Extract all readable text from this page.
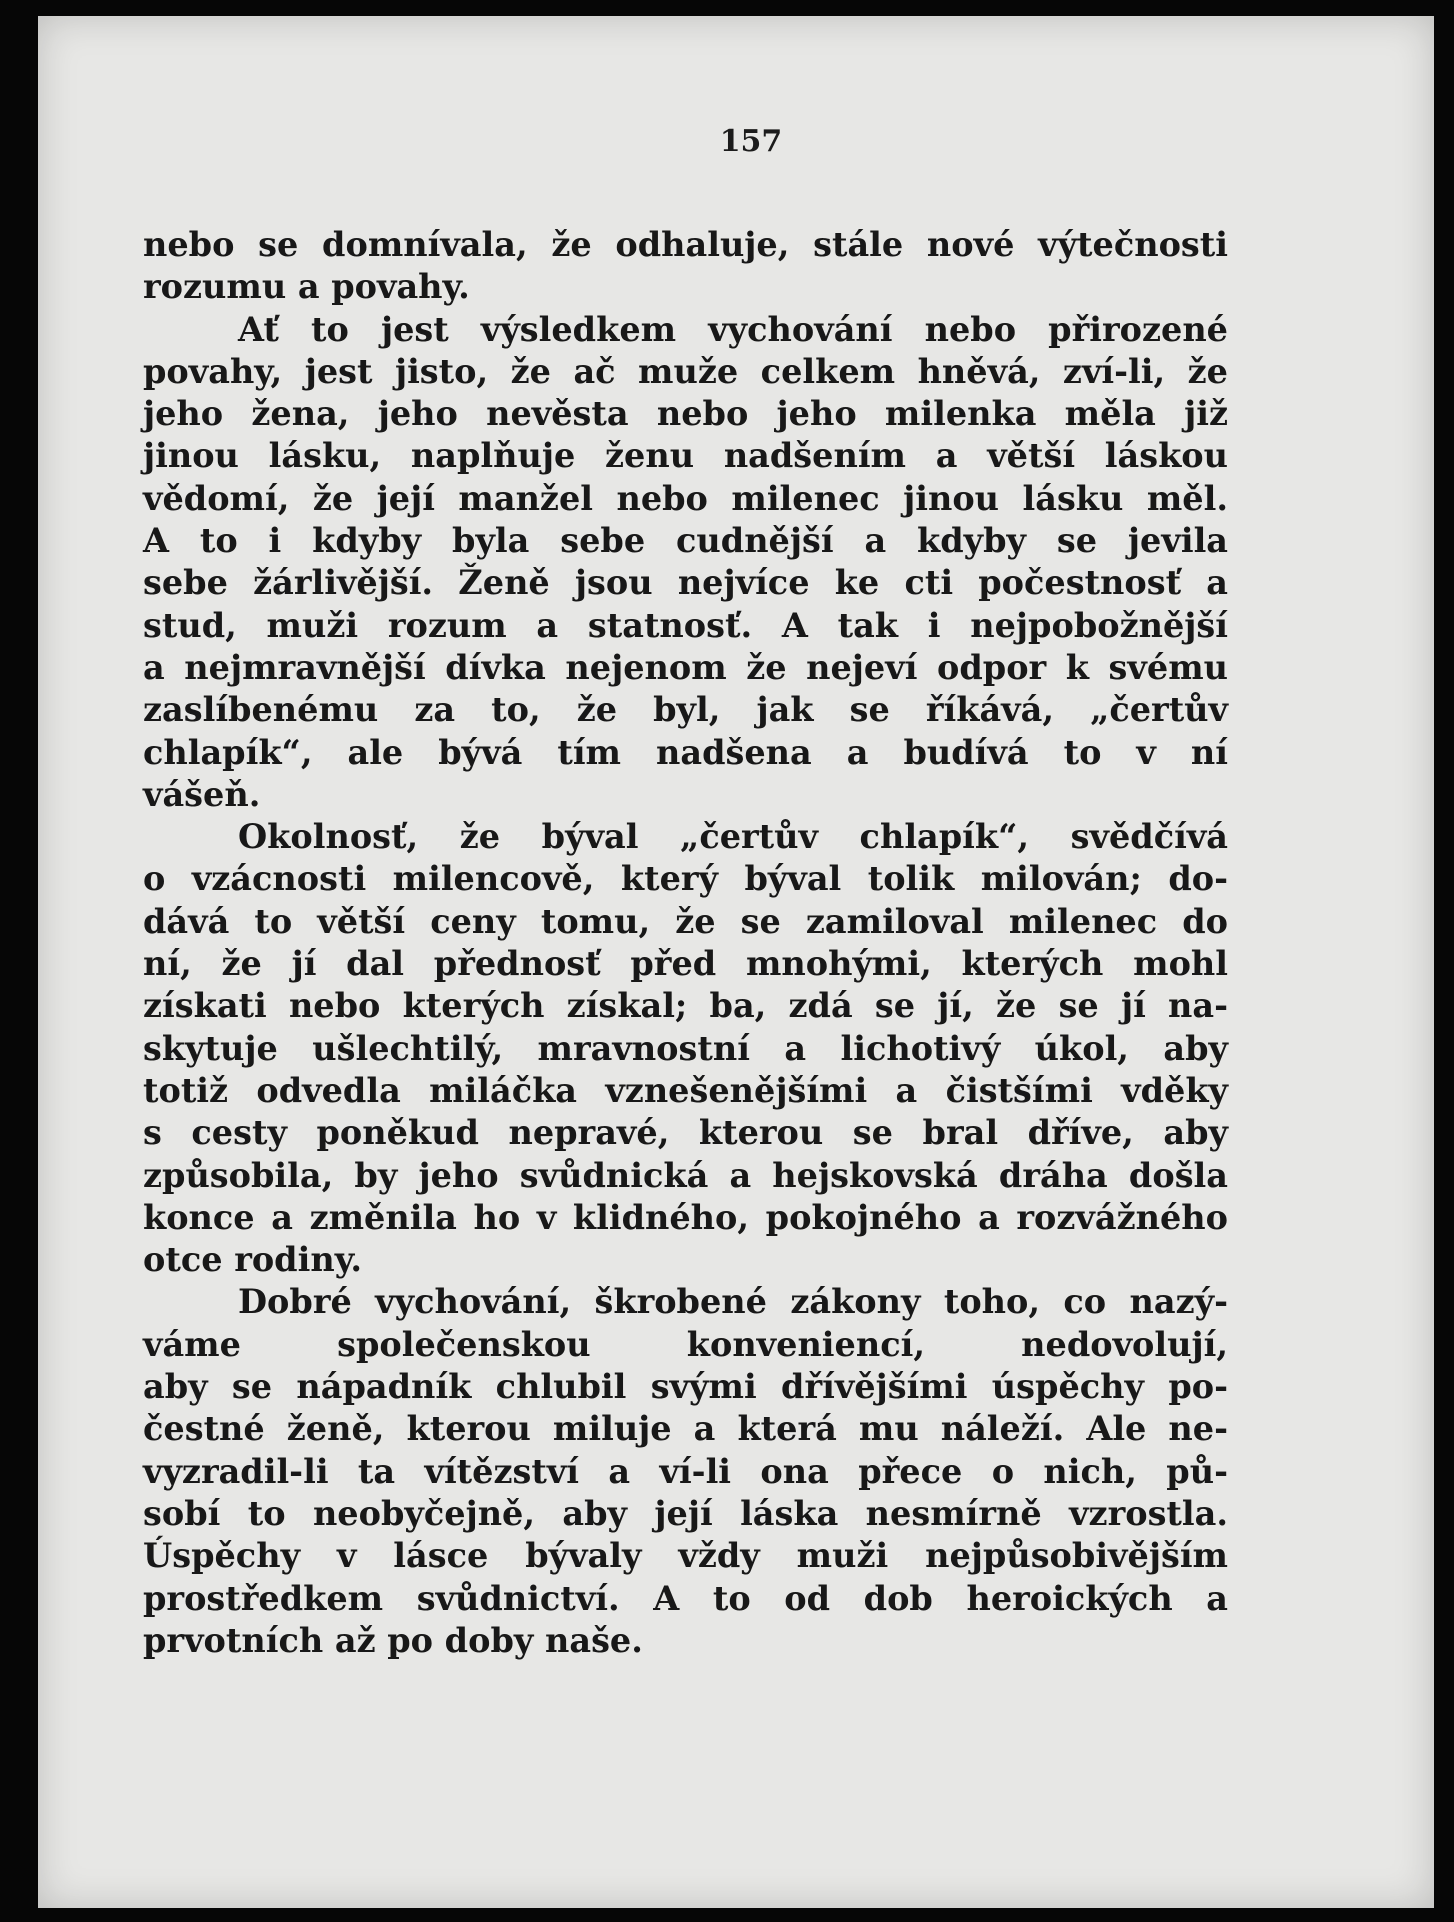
157
nebo se domnívala, že odhaluje, stále nové výtečnosti
rozumu a povahy.
Ať to jest výsledkem vychování nebo přirozené
povahy, jest jisto, že ač muže celkem hněvá, zví-li, že
jeho žena, jeho nevěsta nebo jeho milenka měla již
jinou lásku, naplňuje ženu nadšením a větší láskou
vědomí, že její manžel nebo milenec jinou lásku měl.
A to i kdyby byla sebe cudnější a kdyby se jevila
sebe žárlivější. Ženě jsou nejvíce ke cti počestnosť a
stud, muži rozum a statnosť. A tak i nejpobožnější
a nejmravnější dívka nejenom že nejeví odpor k svému
zaslíbenému za to, že byl, jak se říkává, „čertův
chlapík“, ale bývá tím nadšena a budívá to v ní
vášeň.
Okolnosť, že býval „čertův chlapík“, svědčívá
o vzácnosti milencově, který býval tolik milován; do-
dává to větší ceny tomu, že se zamiloval milenec do
ní, že jí dal přednosť před mnohými, kterých mohl
získati nebo kterých získal; ba, zdá se jí, že se jí na-
skytuje ušlechtilý, mravnostní a lichotivý úkol, aby
totiž odvedla miláčka vznešenějšími a čistšími vděky
s cesty poněkud nepravé, kterou se bral dříve, aby
způsobila, by jeho svůdnická a hejskovská dráha došla
konce a změnila ho v klidného, pokojného a rozvážného
otce rodiny.
Dobré vychování, škrobené zákony toho, co nazý-
váme společenskou konveniencí, nedovolují,
aby se nápadník chlubil svými dřívějšími úspěchy po-
čestné ženě, kterou miluje a která mu náleží. Ale ne-
vyzradil-li ta vítězství a ví-li ona přece o nich, pů-
sobí to neobyčejně, aby její láska nesmírně vzrostla.
Úspěchy v lásce bývaly vždy muži nejpůsobivějším
prostředkem svůdnictví. A to od dob heroických a
prvotních až po doby naše.
